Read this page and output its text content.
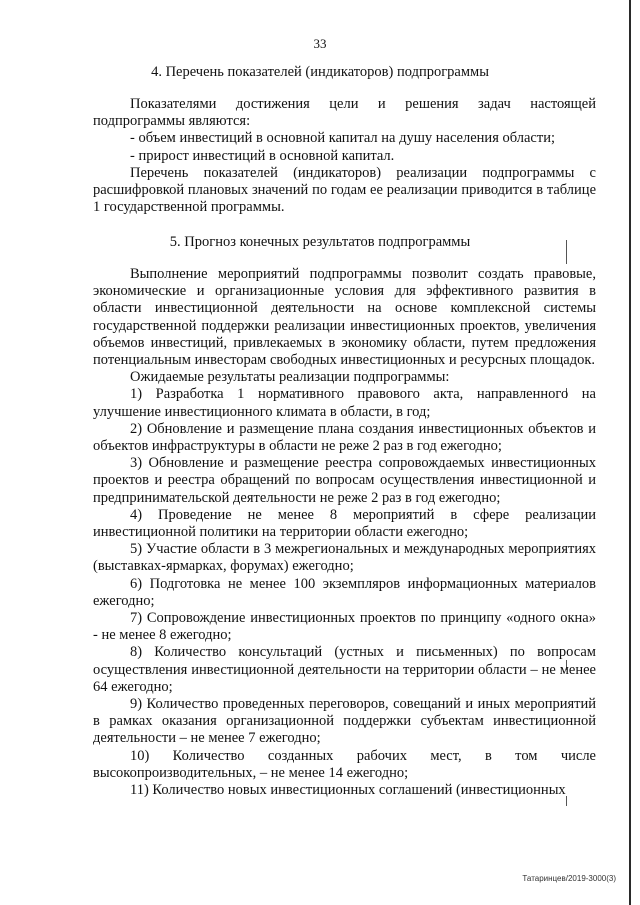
33
4. Перечень показателей (индикаторов) подпрограммы

Показателями достижения цели и решения задач настоящей подпрограммы являются:

- объем инвестиций в основной капитал на душу населения области;

- прирост инвестиций в основной капитал.

Перечень показателей (индикаторов) реализации подпрограммы с расшифровкой плановых значений по годам ее реализации приводится в таблице 1 государственной программы.

5. Прогноз конечных результатов подпрограммы

Выполнение мероприятий подпрограммы позволит создать правовые, экономические и организационные условия для эффективного развития в области инвестиционной деятельности на основе комплексной системы государственной поддержки реализации инвестиционных проектов, увеличения объемов инвестиций, привлекаемых в экономику области, путем предложения потенциальным инвесторам свободных инвестиционных и ресурсных площадок.

Ожидаемые результаты реализации подпрограммы:

1) Разработка 1 нормативного правового акта, направленного на улучшение инвестиционного климата в области, в год;

2) Обновление и размещение плана создания инвестиционных объектов и объектов инфраструктуры в области не реже 2 раз в год ежегодно;

3) Обновление и размещение реестра сопровождаемых инвестиционных проектов и реестра обращений по вопросам осуществления инвестиционной и предпринимательской деятельности не реже 2 раз в год ежегодно;

4) Проведение не менее 8 мероприятий в сфере реализации инвестиционной политики на территории области ежегодно;

5) Участие области в 3 межрегиональных и международных мероприятиях (выставках-ярмарках, форумах) ежегодно;

6) Подготовка не менее 100 экземпляров информационных материалов ежегодно;

7) Сопровождение инвестиционных проектов по принципу «одного окна» - не менее 8 ежегодно;

8) Количество консультаций (устных и письменных) по вопросам осуществления инвестиционной деятельности на территории области – не менее 64 ежегодно;

9) Количество проведенных переговоров, совещаний и иных мероприятий в рамках оказания организационной поддержки субъектам инвестиционной деятельности – не менее 7 ежегодно;

10) Количество созданных рабочих мест, в том числе высокопроизводительных, – не менее 14 ежегодно;

11) Количество новых инвестиционных соглашений (инвестиционных

Татаринцев/2019-3000(3)
